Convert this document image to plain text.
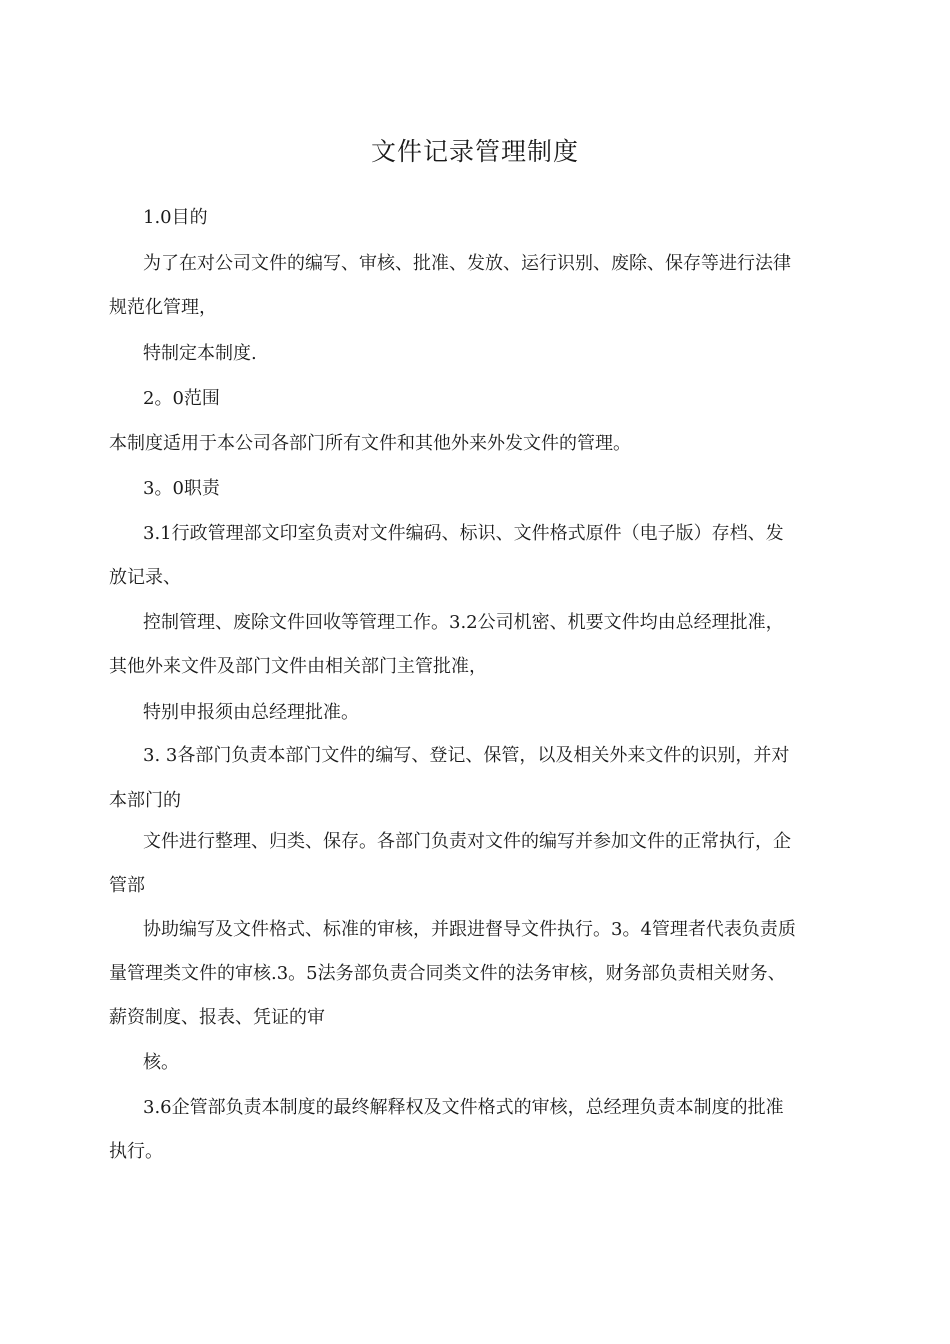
文件记录管理制度
1.0目的
为了在对公司文件的编写、审核、批准、发放、运行识别、废除、保存等进行法律
规范化管理，
特制定本制度.
2。0范围
本制度适用于本公司各部门所有文件和其他外来外发文件的管理。
3。0职责
3.1行政管理部文印室负责对文件编码、标识、文件格式原件（电子版）存档、发
放记录、
控制管理、废除文件回收等管理工作。3.2公司机密、机要文件均由总经理批准，
其他外来文件及部门文件由相关部门主管批准，
特别申报须由总经理批准。
3. 3各部门负责本部门文件的编写、登记、保管，以及相关外来文件的识别，并对
本部门的
文件进行整理、归类、保存。各部门负责对文件的编写并参加文件的正常执行，企
管部
协助编写及文件格式、标准的审核，并跟进督导文件执行。3。4管理者代表负责质
量管理类文件的审核.3。5法务部负责合同类文件的法务审核，财务部负责相关财务、
薪资制度、报表、凭证的审
核。
3.6企管部负责本制度的最终解释权及文件格式的审核，总经理负责本制度的批准
执行。
